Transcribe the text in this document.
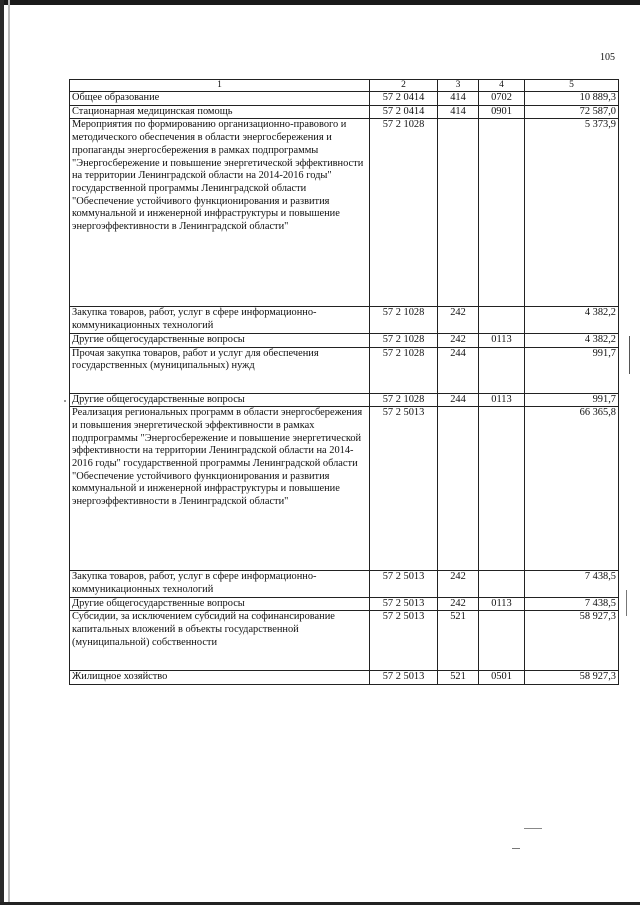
105
1	2	3	4	5
Общее образование	57 2 0414	414	0702	10 889,3
Стационарная медицинская помощь	57 2 0414	414	0901	72 587,0
Мероприятия по формированию организационно-правового и методического обеспечения в области энергосбережения и пропаганды энергосбережения в рамках подпрограммы "Энергосбережение и повышение энергетической эффективности на территории Ленинградской области на 2014-2016 годы" государственной программы Ленинградской области "Обеспечение устойчивого функционирования и развития коммунальной и инженерной инфраструктуры и повышение энергоэффективности в Ленинградской области"	57 2 1028			5 373,9
Закупка товаров, работ, услуг в сфере информационно-коммуникационных технологий	57 2 1028	242		4 382,2
Другие общегосударственные вопросы	57 2 1028	242	0113	4 382,2
Прочая закупка товаров, работ и услуг для обеспечения государственных (муниципальных) нужд	57 2 1028	244		991,7
Другие общегосударственные вопросы	57 2 1028	244	0113	991,7
Реализация региональных программ в области энергосбережения и повышения энергетической эффективности в рамках подпрограммы "Энергосбережение и повышение энергетической эффективности на территории Ленинградской области на 2014-2016 годы" государственной программы Ленинградской области "Обеспечение устойчивого функционирования и развития коммунальной и инженерной инфраструктуры и повышение энергоэффективности в Ленинградской области"	57 2 5013			66 365,8
Закупка товаров, работ, услуг в сфере информационно-коммуникационных технологий	57 2 5013	242		7 438,5
Другие общегосударственные вопросы	57 2 5013	242	0113	7 438,5
Субсидии, за исключением субсидий на софинансирование капитальных вложений в объекты государственной (муниципальной) собственности	57 2 5013	521		58 927,3
Жилищное хозяйство	57 2 5013	521	0501	58 927,3
